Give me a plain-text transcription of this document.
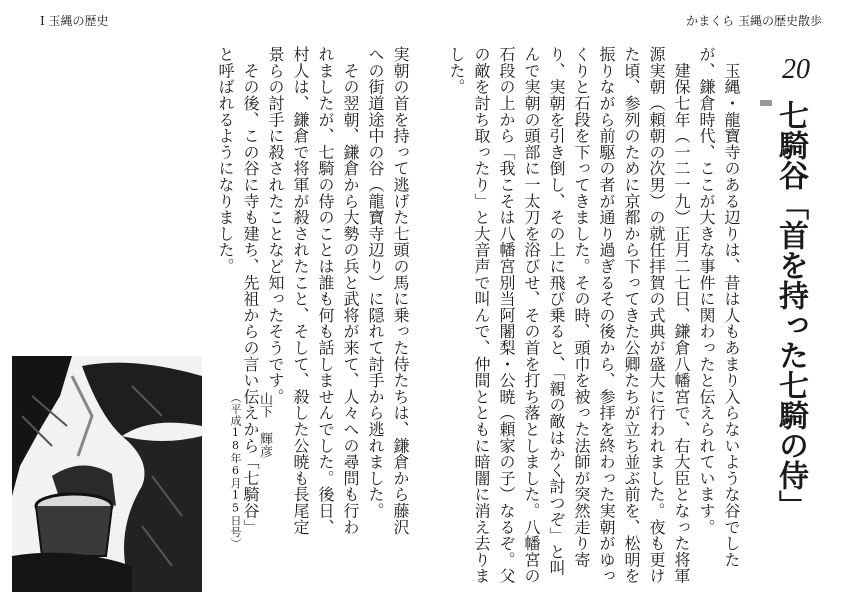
Ⅰ 玉縄の歴史
実朝の首を持って逃げた七頭の馬に乗った侍たちは、鎌倉から藤沢への街道途中の谷（龍寶寺辺り）に隠れて討手から逃れました。
　その翌朝、鎌倉から大勢の兵と武将が来て、人々への尋問も行われましたが、七騎の侍のことは誰も何も話しませんでした。後日、村人は、鎌倉で将軍が殺されたこと、そして、殺した公暁も長尾定景らの討手に殺されたことなど知ったそうです。
　その後、この谷に寺も建ち、先祖からの言い伝えから「七騎谷」と呼ばれるようになりました。
山下　輝彦
（平成18年6月15日号）
かまくら 玉縄の歴史散歩
20
七騎谷「首を持った七騎の侍」
　玉縄・龍寶寺のある辺りは、昔は人もあまり入らないような谷でしたが、鎌倉時代、ここが大きな事件に関わったと伝えられています。
　建保七年（一二一九）正月二七日、鎌倉八幡宮で、右大臣となった将軍源実朝（頼朝の次男）の就任拝賀の式典が盛大に行われました。夜も更けた頃、参列のために京都から下ってきた公卿たちが立ち並ぶ前を、松明を振りながら前駆の者が通り過ぎるその後から、参拝を終わった実朝がゆっくりと石段を下ってきました。その時、頭巾を被った法師が突然走り寄り、実朝を引き倒し、その上に飛び乗ると、「親の敵はかく討つぞ」と叫んで実朝の頭部に一太刀を浴びせ、その首を打ち落としました。八幡宮の石段の上から「我こそは八幡宮別当阿闍梨・公暁（頼家の子）なるぞ。父の敵を討ち取ったり」と大音声で叫んで、仲間とともに暗闇に消え去りました。
